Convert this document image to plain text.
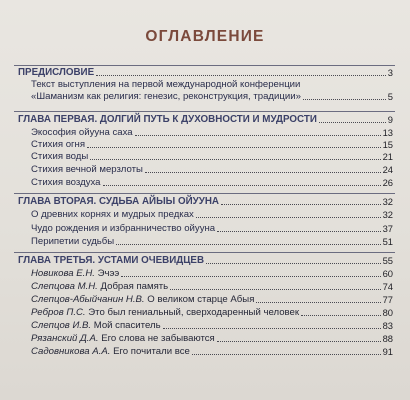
ОГЛАВЛЕНИЕ
ПРЕДИСЛОВИЕ	3
Текст выступления на первой международной конференции
«Шаманизм как религия: генезис, реконструкция, традиции»	5
ГЛАВА ПЕРВАЯ. ДОЛГИЙ ПУТЬ К ДУХОВНОСТИ И МУДРОСТИ	9
Экософия ойууна саха	13
Стихия огня	15
Стихия воды	21
Стихия вечной мерзлоты	24
Стихия воздуха	26
ГЛАВА ВТОРАЯ. СУДЬБА АЙЫЫ ОЙУУНА	32
О древних корнях и мудрых предках	32
Чудо рождения и избранничество ойууна	37
Перипетии судьбы	51
ГЛАВА ТРЕТЬЯ. УСТАМИ ОЧЕВИДЦЕВ	55
Новикова Е.Н. Эчээ	60
Слепцова М.Н. Добрая память	74
Слепцов-Абыйчанин Н.В. О великом старце Абыя	77
Ребров П.С. Это был гениальный, сверходаренный человек	80
Слепцов И.В. Мой спаситель	83
Рязанский Д.А. Его слова не забываются	88
Садовникова А.А. Его почитали все	91
